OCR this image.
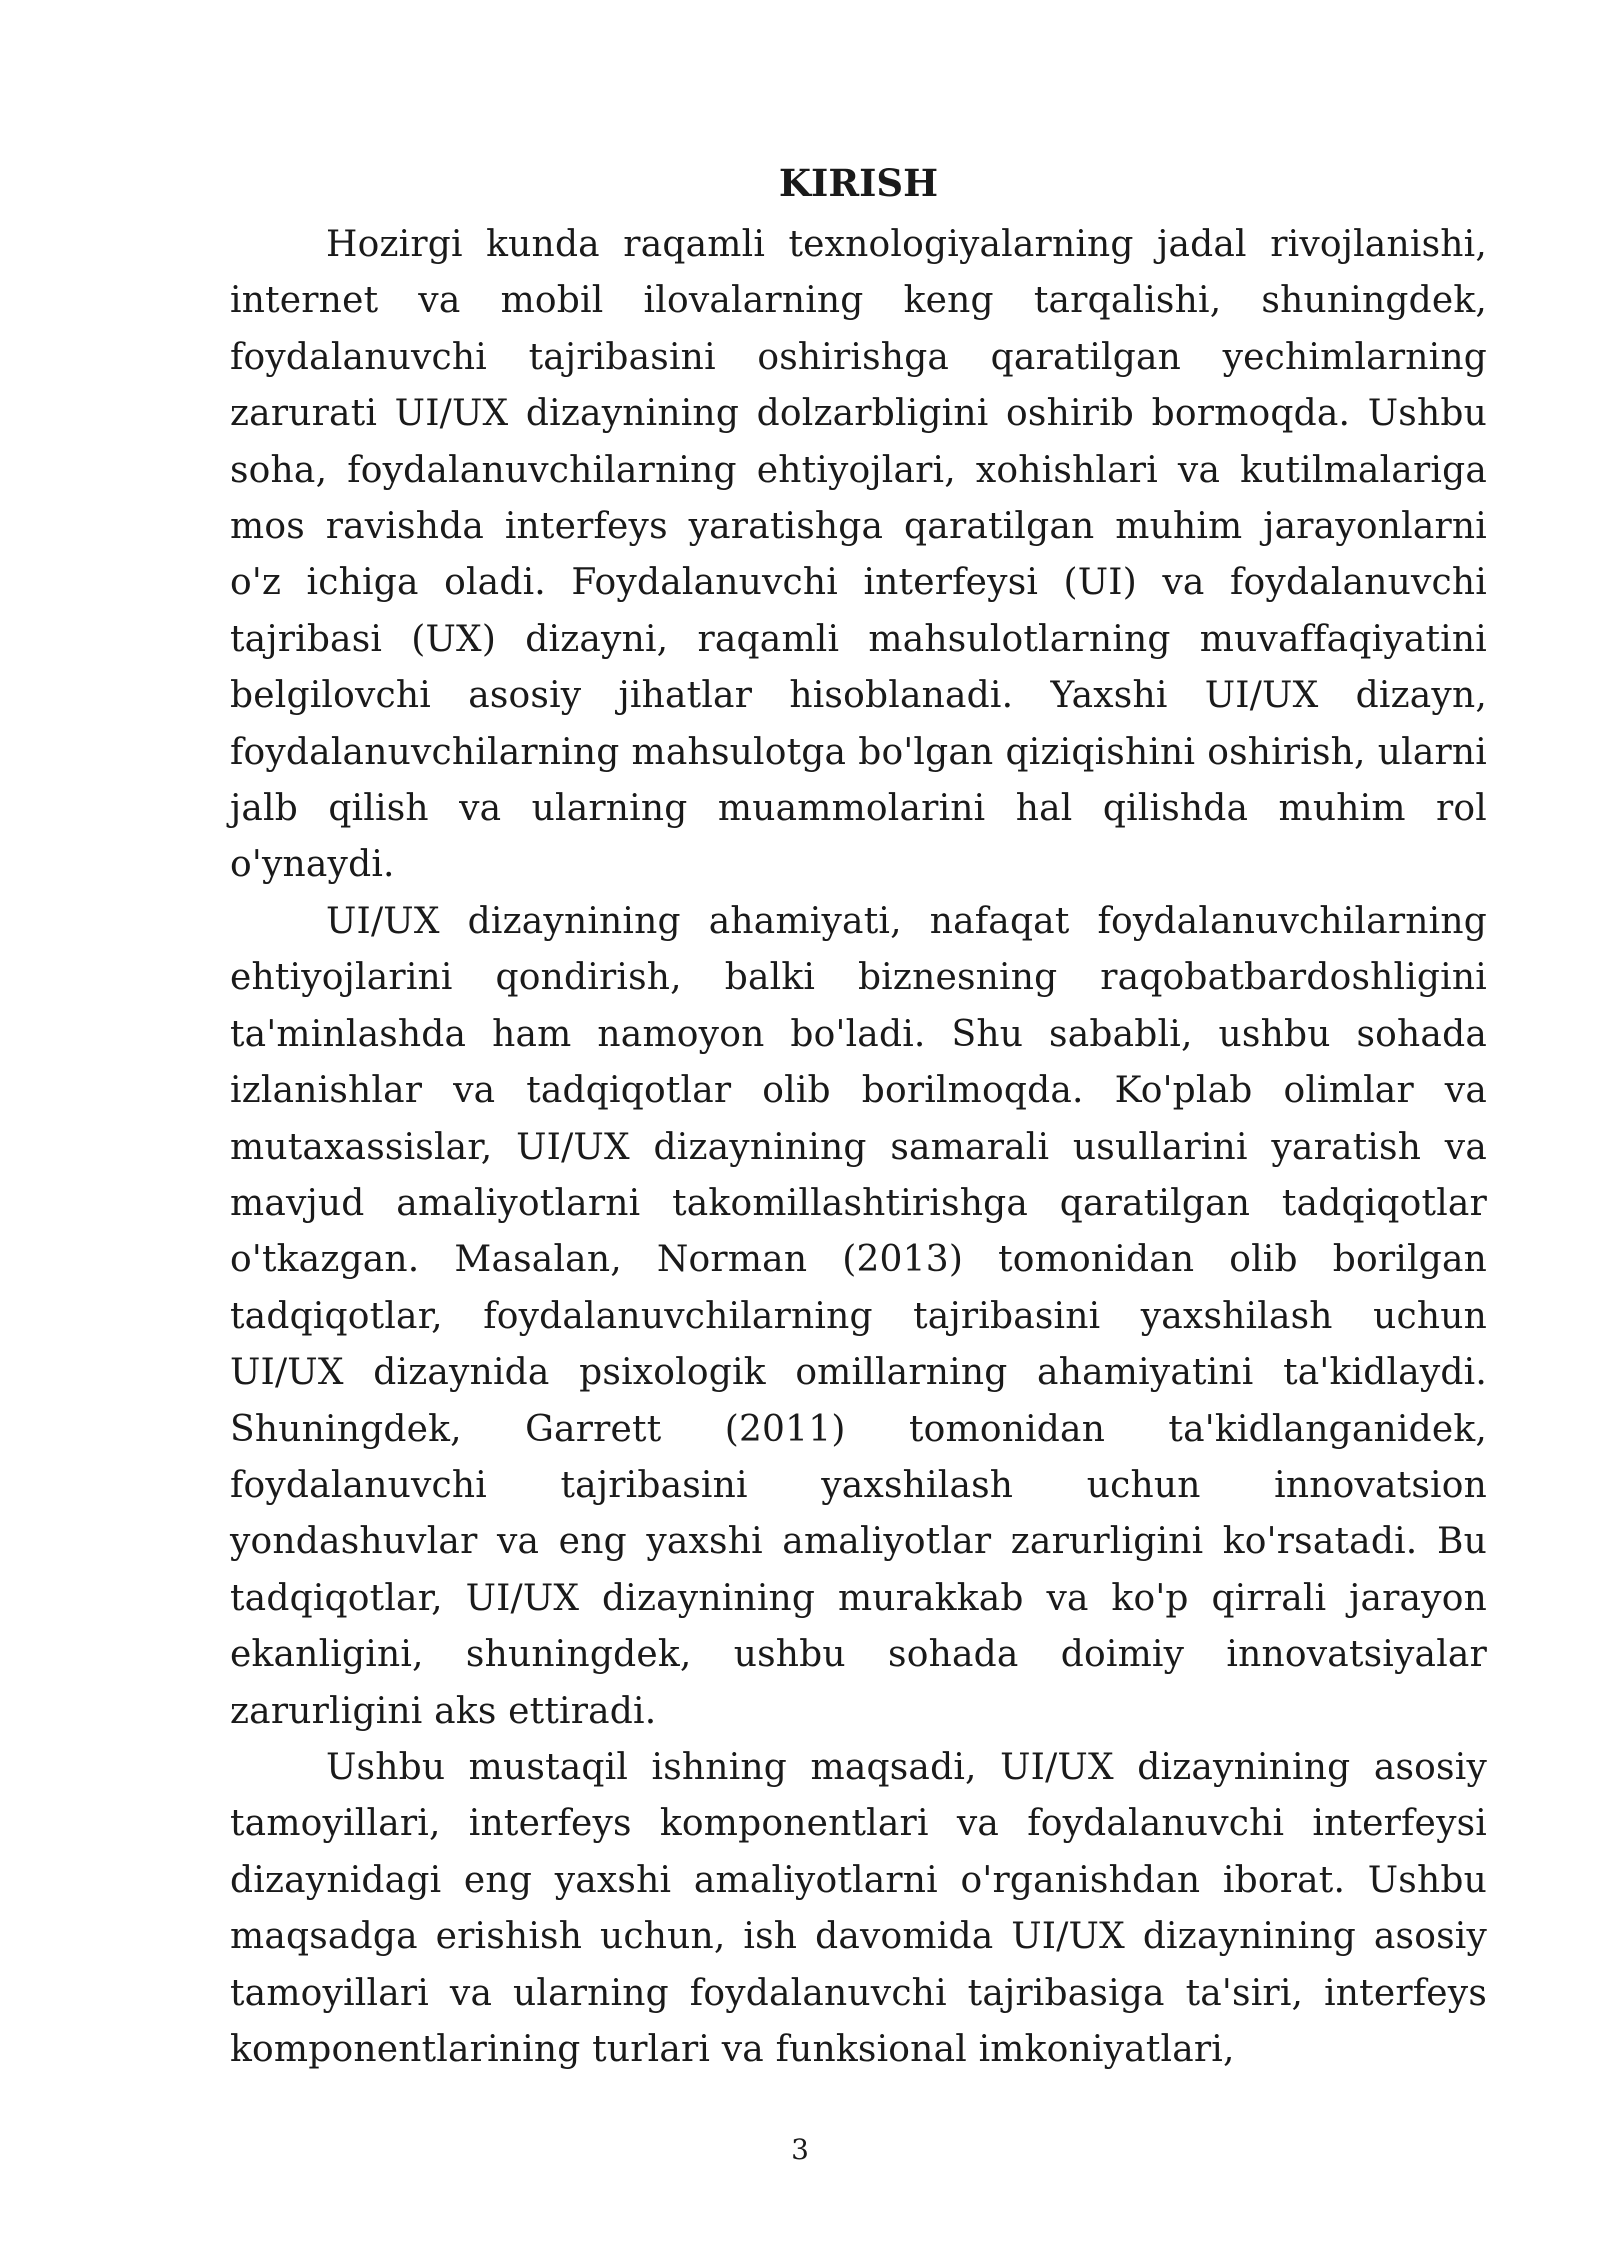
KIRISH

Hozirgi kunda raqamli texnologiyalarning jadal rivojlanishi, internet va mobil ilovalarning keng tarqalishi, shuningdek, foydalanuvchi tajribasini oshirishga qaratilgan yechimlarning zarurati UI/UX dizaynining dolzarbligini oshirib bormoqda. Ushbu soha, foydalanuvchilarning ehtiyojlari, xohishlari va kutilmalariga mos ravishda interfeys yaratishga qaratilgan muhim jarayonlarni o'z ichiga oladi. Foydalanuvchi interfeysi (UI) va foydalanuvchi tajribasi (UX) dizayni, raqamli mahsulotlarning muvaffaqiyatini belgilovchi asosiy jihatlar hisoblanadi. Yaxshi UI/UX dizayn, foydalanuvchilarning mahsulotga bo'lgan qiziqishini oshirish, ularni jalb qilish va ularning muammolarini hal qilishda muhim rol o'ynaydi.

UI/UX dizaynining ahamiyati, nafaqat foydalanuvchilarning ehtiyojlarini qondirish, balki biznesning raqobatbardoshligini ta'minlashda ham namoyon bo'ladi. Shu sababli, ushbu sohada izlanishlar va tadqiqotlar olib borilmoqda. Ko'plab olimlar va mutaxassislar, UI/UX dizaynining samarali usullarini yaratish va mavjud amaliyotlarni takomillashtirishga qaratilgan tadqiqotlar o'tkazgan. Masalan, Norman (2013) tomonidan olib borilgan tadqiqotlar, foydalanuvchilarning tajribasini yaxshilash uchun UI/UX dizaynida psixologik omillarning ahamiyatini ta'kidlaydi. Shuningdek, Garrett (2011) tomonidan ta'kidlanganidek, foydalanuvchi tajribasini yaxshilash uchun innovatsion yondashuvlar va eng yaxshi amaliyotlar zarurligini ko'rsatadi. Bu tadqiqotlar, UI/UX dizaynining murakkab va ko'p qirrali jarayon ekanligini, shuningdek, ushbu sohada doimiy innovatsiyalar zarurligini aks ettiradi.

Ushbu mustaqil ishning maqsadi, UI/UX dizaynining asosiy tamoyillari, interfeys komponentlari va foydalanuvchi interfeysi dizaynidagi eng yaxshi amaliyotlarni o'rganishdan iborat. Ushbu maqsadga erishish uchun, ish davomida UI/UX dizaynining asosiy tamoyillari va ularning foydalanuvchi tajribasiga ta'siri, interfeys komponentlarining turlari va funksional imkoniyatlari,

3
